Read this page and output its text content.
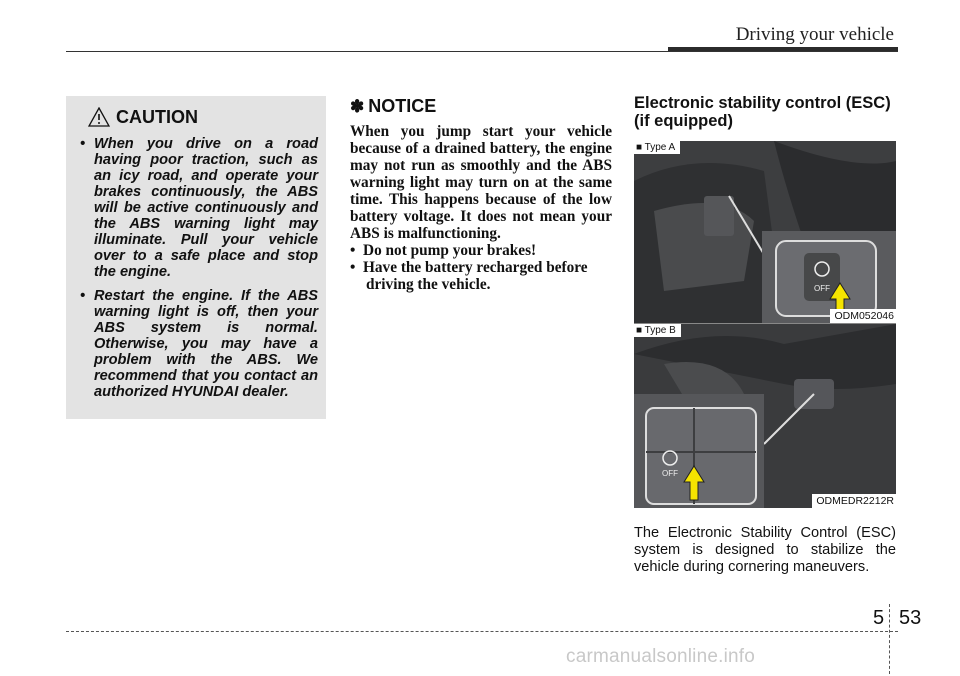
Driving your vehicle
CAUTION
• When you drive on a road having poor traction, such as an icy road, and operate your brakes continuously, the ABS will be active continuously and the ABS warning light may illuminate. Pull your vehicle over to a safe place and stop the engine.
• Restart the engine. If the ABS warning light is off, then your ABS system is normal. Otherwise, you may have a problem with the ABS. We recommend that you contact an authorized HYUNDAI dealer.
✽ NOTICE

When you jump start your vehicle because of a drained battery, the engine may not run as smoothly and the ABS warning light may turn on at the same time. This happens because of the low battery voltage. It does not mean your ABS is malfunctioning.

•  Do not pump your brakes!
•  Have the battery recharged before driving the vehicle.
Electronic stability control (ESC) (if equipped)
OFF
■ Type A
ODM052046
OFF
■ Type B
ODMEDR2212R

The Electronic Stability Control (ESC) system is designed to stabilize the vehicle during cornering maneuvers.

5 53
carmanualsonline.info
